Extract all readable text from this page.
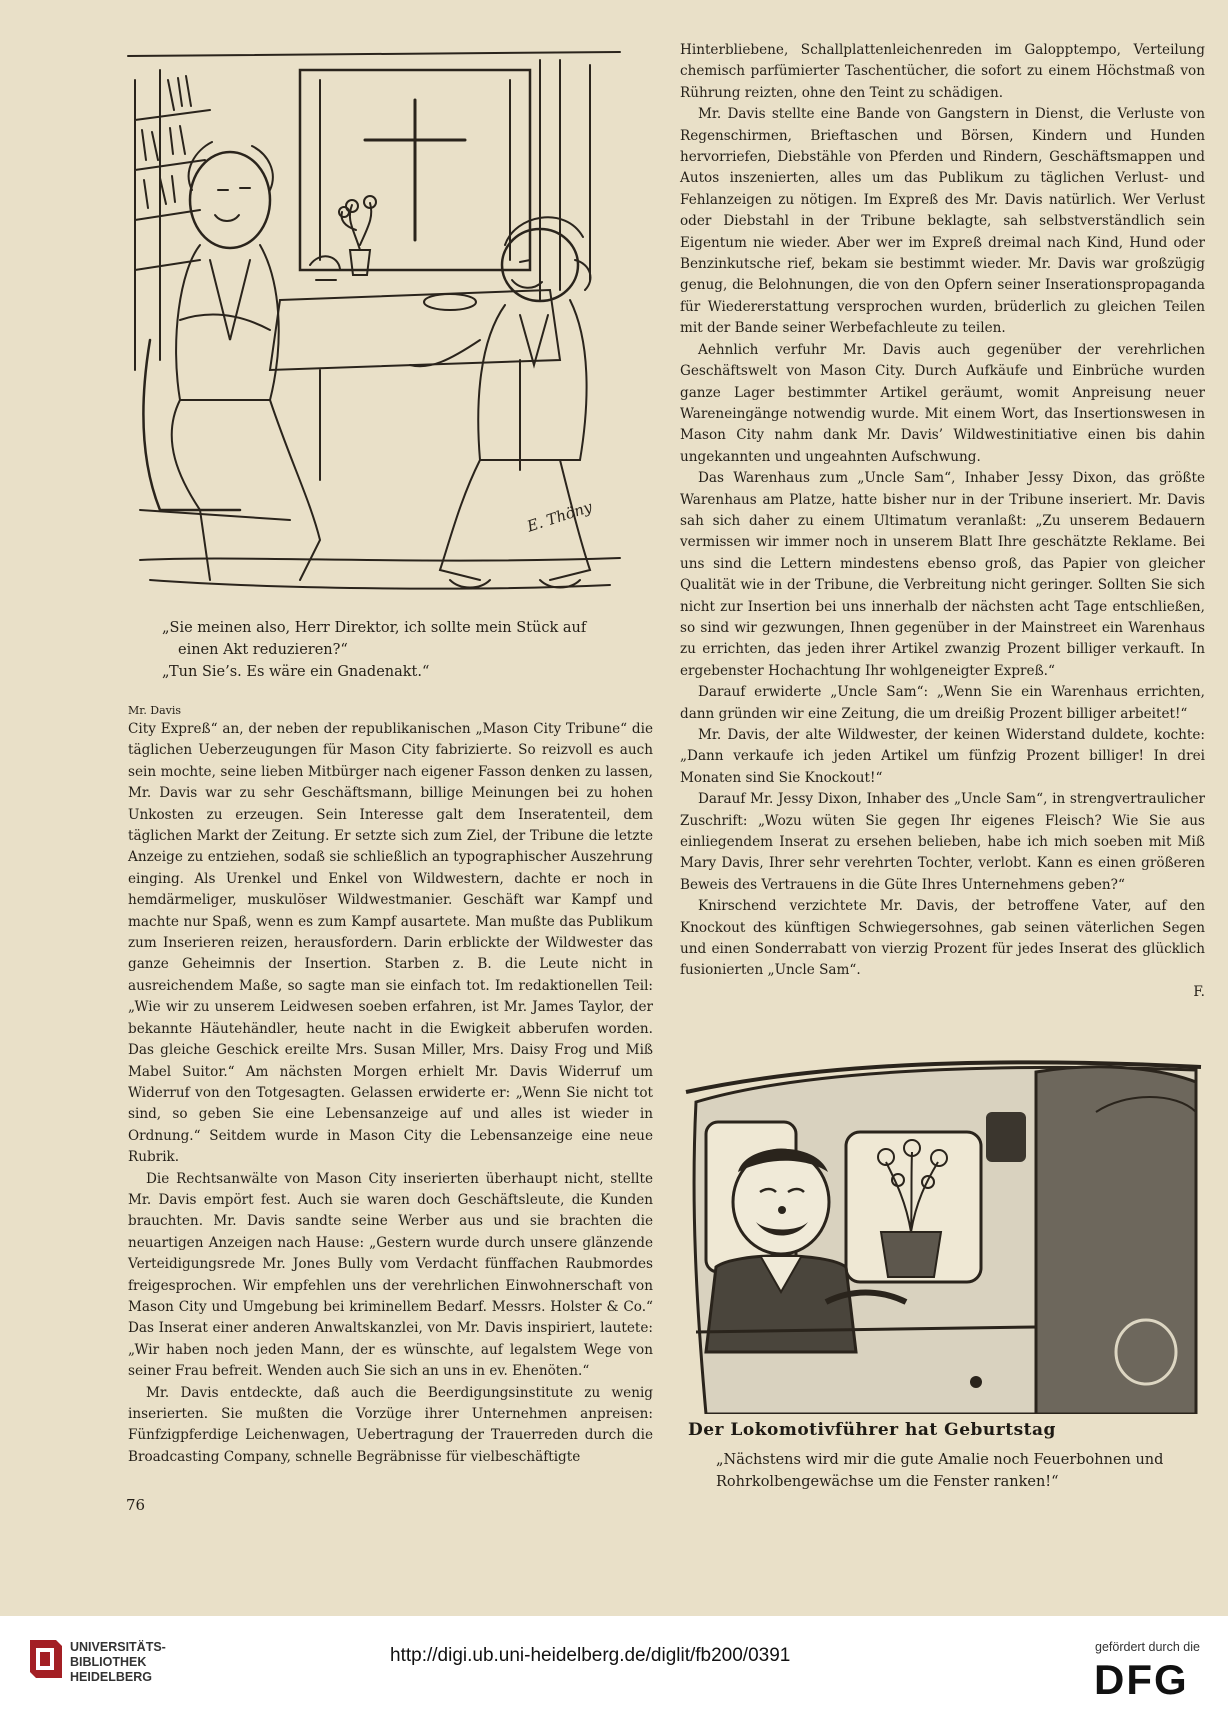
E. Thöny
„Sie meinen also, Herr Direktor, ich sollte mein Stück auf
einen Akt reduzieren?“
„Tun Sie’s. Es wäre ein Gnadenakt.“
Mr. Davis

City Expreß“ an, der neben der republikanischen „Mason City Tribune“ die täglichen Ueberzeugungen für Mason City fabrizierte. So reizvoll es auch sein mochte, seine lieben Mitbürger nach eigener Fasson denken zu lassen, Mr. Davis war zu sehr Geschäftsmann, billige Meinungen bei zu hohen Unkosten zu erzeugen. Sein Interesse galt dem Inseratenteil, dem täglichen Markt der Zeitung. Er setzte sich zum Ziel, der Tribune die letzte Anzeige zu entziehen, sodaß sie schließlich an typographischer Auszehrung einging. Als Urenkel und Enkel von Wildwestern, dachte er noch in hemdärmeliger, muskulöser Wildwestmanier. Geschäft war Kampf und machte nur Spaß, wenn es zum Kampf ausartete. Man mußte das Publikum zum Inserieren reizen, herausfordern. Darin erblickte der Wildwester das ganze Geheimnis der Insertion. Starben z. B. die Leute nicht in ausreichendem Maße, so sagte man sie einfach tot. Im redaktionellen Teil: „Wie wir zu unserem Leidwesen soeben erfahren, ist Mr. James Taylor, der bekannte Häutehändler, heute nacht in die Ewigkeit abberufen worden. Das gleiche Geschick ereilte Mrs. Susan Miller, Mrs. Daisy Frog und Miß Mabel Suitor.“ Am nächsten Morgen erhielt Mr. Davis Widerruf um Widerruf von den Totgesagten. Gelassen erwiderte er: „Wenn Sie nicht tot sind, so geben Sie eine Lebensanzeige auf und alles ist wieder in Ordnung.“ Seitdem wurde in Mason City die Lebensanzeige eine neue Rubrik.

Die Rechtsanwälte von Mason City inserierten überhaupt nicht, stellte Mr. Davis empört fest. Auch sie waren doch Geschäftsleute, die Kunden brauchten. Mr. Davis sandte seine Werber aus und sie brachten die neuartigen Anzeigen nach Hause: „Gestern wurde durch unsere glänzende Verteidigungsrede Mr. Jones Bully vom Verdacht fünffachen Raubmordes freigesprochen. Wir empfehlen uns der verehrlichen Einwohnerschaft von Mason City und Umgebung bei kriminellem Bedarf. Messrs. Holster & Co.“ Das Inserat einer anderen Anwaltskanzlei, von Mr. Davis inspiriert, lautete: „Wir haben noch jeden Mann, der es wünschte, auf legalstem Wege von seiner Frau befreit. Wenden auch Sie sich an uns in ev. Ehenöten.“

Mr. Davis entdeckte, daß auch die Beerdigungsinstitute zu wenig inserierten. Sie mußten die Vorzüge ihrer Unternehmen anpreisen: Fünfzigpferdige Leichenwagen, Uebertragung der Trauerreden durch die Broadcasting Company, schnelle Begräbnisse für vielbeschäftigte

76

Hinterbliebene, Schallplattenleichenreden im Galopptempo, Verteilung chemisch parfümierter Taschentücher, die sofort zu einem Höchstmaß von Rührung reizten, ohne den Teint zu schädigen.

Mr. Davis stellte eine Bande von Gangstern in Dienst, die Verluste von Regenschirmen, Brieftaschen und Börsen, Kindern und Hunden hervorriefen, Diebstähle von Pferden und Rindern, Geschäftsmappen und Autos inszenierten, alles um das Publikum zu täglichen Verlust- und Fehlanzeigen zu nötigen. Im Expreß des Mr. Davis natürlich. Wer Verlust oder Diebstahl in der Tribune beklagte, sah selbstverständlich sein Eigentum nie wieder. Aber wer im Expreß dreimal nach Kind, Hund oder Benzinkutsche rief, bekam sie bestimmt wieder. Mr. Davis war großzügig genug, die Belohnungen, die von den Opfern seiner Inserationspropaganda für Wiedererstattung versprochen wurden, brüderlich zu gleichen Teilen mit der Bande seiner Werbefachleute zu teilen.

Aehnlich verfuhr Mr. Davis auch gegenüber der verehrlichen Geschäftswelt von Mason City. Durch Aufkäufe und Einbrüche wurden ganze Lager bestimmter Artikel geräumt, womit Anpreisung neuer Wareneingänge notwendig wurde. Mit einem Wort, das Insertionswesen in Mason City nahm dank Mr. Davis’ Wildwestinitiative einen bis dahin ungekannten und ungeahnten Aufschwung.

Das Warenhaus zum „Uncle Sam“, Inhaber Jessy Dixon, das größte Warenhaus am Platze, hatte bisher nur in der Tribune inseriert. Mr. Davis sah sich daher zu einem Ultimatum veranlaßt: „Zu unserem Bedauern vermissen wir immer noch in unserem Blatt Ihre geschätzte Reklame. Bei uns sind die Lettern mindestens ebenso groß, das Papier von gleicher Qualität wie in der Tribune, die Verbreitung nicht geringer. Sollten Sie sich nicht zur Insertion bei uns innerhalb der nächsten acht Tage entschließen, so sind wir gezwungen, Ihnen gegenüber in der Mainstreet ein Warenhaus zu errichten, das jeden ihrer Artikel zwanzig Prozent billiger verkauft. In ergebenster Hochachtung Ihr wohlgeneigter Expreß.“

Darauf erwiderte „Uncle Sam“: „Wenn Sie ein Warenhaus errichten, dann gründen wir eine Zeitung, die um dreißig Prozent billiger arbeitet!“

Mr. Davis, der alte Wildwester, der keinen Widerstand duldete, kochte: „Dann verkaufe ich jeden Artikel um fünfzig Prozent billiger! In drei Monaten sind Sie Knockout!“

Darauf Mr. Jessy Dixon, Inhaber des „Uncle Sam“, in strengvertraulicher Zuschrift: „Wozu wüten Sie gegen Ihr eigenes Fleisch? Wie Sie aus einliegendem Inserat zu ersehen belieben, habe ich mich soeben mit Miß Mary Davis, Ihrer sehr verehrten Tochter, verlobt. Kann es einen größeren Beweis des Vertrauens in die Güte Ihres Unternehmens geben?“

Knirschend verzichtete Mr. Davis, der betroffene Vater, auf den Knockout des künftigen Schwiegersohnes, gab seinen väterlichen Segen und einen Sonderrabatt von vierzig Prozent für jedes Inserat des glücklich fusionierten „Uncle Sam“.

F.
Der Lokomotivführer hat Geburtstag
„Nächstens wird mir die gute Amalie noch Feuerbohnen und Rohrkolbengewächse um die Fenster ranken!“
UNIVERSITÄTS-
BIBLIOTHEK
HEIDELBERG
http://digi.ub.uni-heidelberg.de/diglit/fb200/0391	gefördert durch die
DFG
